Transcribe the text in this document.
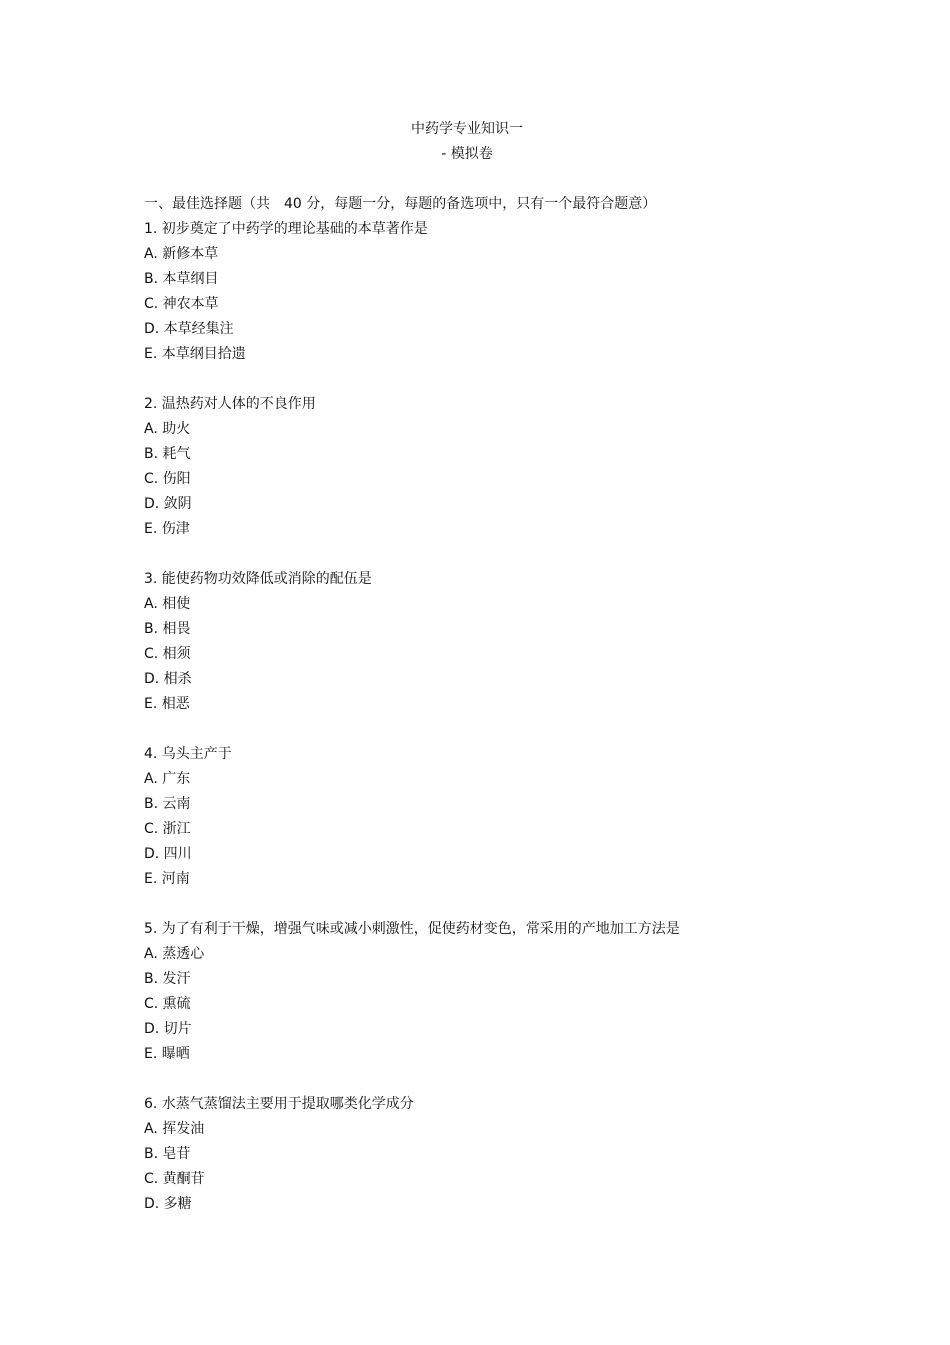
中药学专业知识一
- 模拟卷
一、最佳选择题（共 40 分，每题一分，每题的备选项中，只有一个最符合题意）
1. 初步奠定了中药学的理论基础的本草著作是
A. 新修本草
B. 本草纲目
C. 神农本草
D. 本草经集注
E. 本草纲目拾遗
2. 温热药对人体的不良作用
A. 助火
B. 耗气
C. 伤阳
D. 敛阴
E. 伤津
3. 能使药物功效降低或消除的配伍是
A. 相使
B. 相畏
C. 相须
D. 相杀
E. 相恶
4. 乌头主产于
A. 广东
B. 云南
C. 浙江
D. 四川
E. 河南
5. 为了有利于干燥，增强气味或减小刺激性，促使药材变色，常采用的产地加工方法是
A. 蒸透心
B. 发汗
C. 熏硫
D. 切片
E. 曝晒
6. 水蒸气蒸馏法主要用于提取哪类化学成分
A. 挥发油
B. 皂苷
C. 黄酮苷
D. 多糖
